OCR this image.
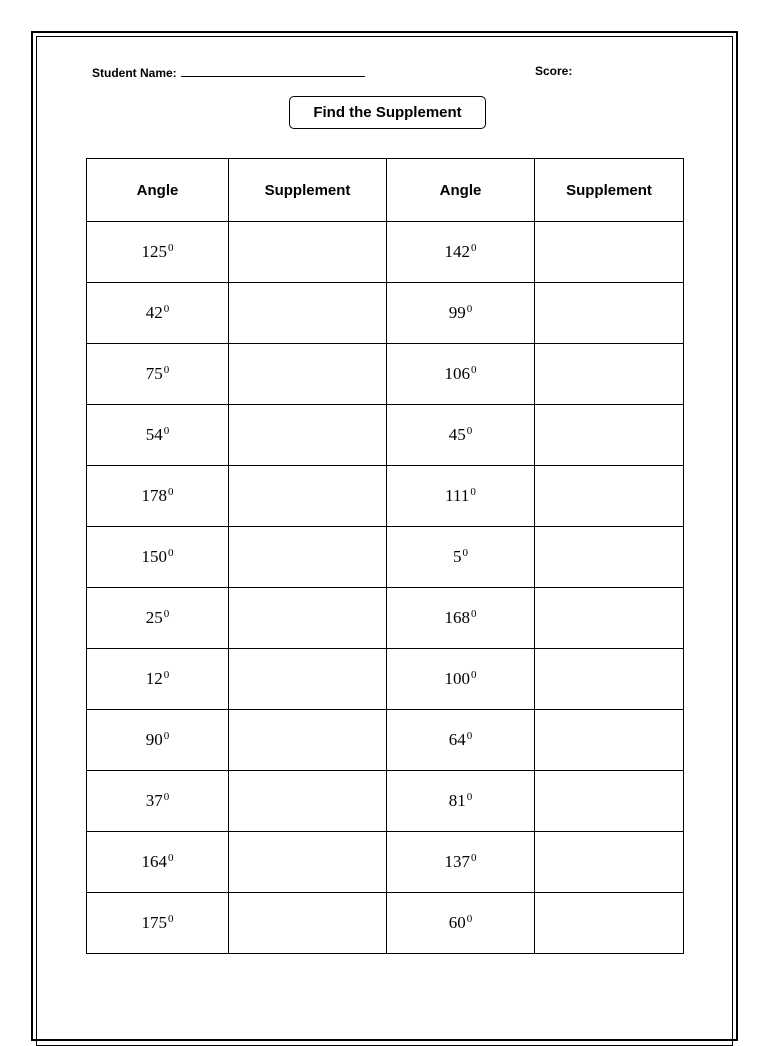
Student Name:	Score:
Find the Supplement
Angle	Supplement	Angle	Supplement
$125^0$		$142^0$	
$42^0$		$99^0$	
$75^0$		$106^0$	
$54^0$		$45^0$	
$178^0$		$111^0$	
$150^0$		$5^0$	
$25^0$		$168^0$	
$12^0$		$100^0$	
$90^0$		$64^0$	
$37^0$		$81^0$	
$164^0$		$137^0$	
$175^0$		$60^0$	
